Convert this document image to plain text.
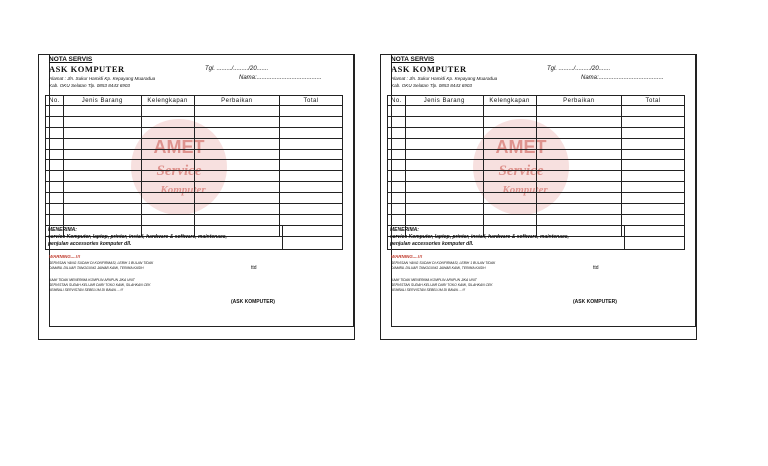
AMET
Service
Komputer
NOTA SERVIS
ASK KOMPUTER
Alamat : Jln. Sukur Hamidi Kp. Kepayang Muaradua
Kab. OKU Selatan Tlp. 0853 8443 6903
Tgl. ........./........./20.......
Nama:.......................................
No.	Jenis Barang	Kelengkapan	Perbaikan	Total

MENERIMA:
service Komputer, laptop, printer, install, hardware & software, maintenace,
penjulan accessories komputer dll.
WARNING....!!!
SERVISAN YANG SUDAH DI KONFIRMASI, LEBIH 1 BULAN TIDAK
DIAMBIL DILUAR TANGGUNG JAWAB KAMI, TERIMA KASIH
KAMI TIDAK MENERIMA KOMPLIN APAPUN JIKA UNIT
SERVISTAN SUDAH KELUAR DARI TOKO KAMI, SILAHKAN CEK
KEMBALI SERVISTAN SEBELUM DI BAWA ....!!!
ttd
(ASK KOMPUTER)
AMET
Service
Komputer
NOTA SERVIS
ASK KOMPUTER
Alamat : Jln. Sukur Hamidi Kp. Kepayang Muaradua
Kab. OKU Selatan Tlp. 0853 8443 6903
Tgl. ........./........./20.......
Nama:.......................................
No.	Jenis Barang	Kelengkapan	Perbaikan	Total

MENERIMA:
service Komputer, laptop, printer, install, hardware & software, maintenace,
penjulan accessories komputer dll.
WARNING....!!!
SERVISAN YANG SUDAH DI KONFIRMASI, LEBIH 1 BULAN TIDAK
DIAMBIL DILUAR TANGGUNG JAWAB KAMI, TERIMA KASIH
KAMI TIDAK MENERIMA KOMPLIN APAPUN JIKA UNIT
SERVISTAN SUDAH KELUAR DARI TOKO KAMI, SILAHKAN CEK
KEMBALI SERVISTAN SEBELUM DI BAWA ....!!!
ttd
(ASK KOMPUTER)
